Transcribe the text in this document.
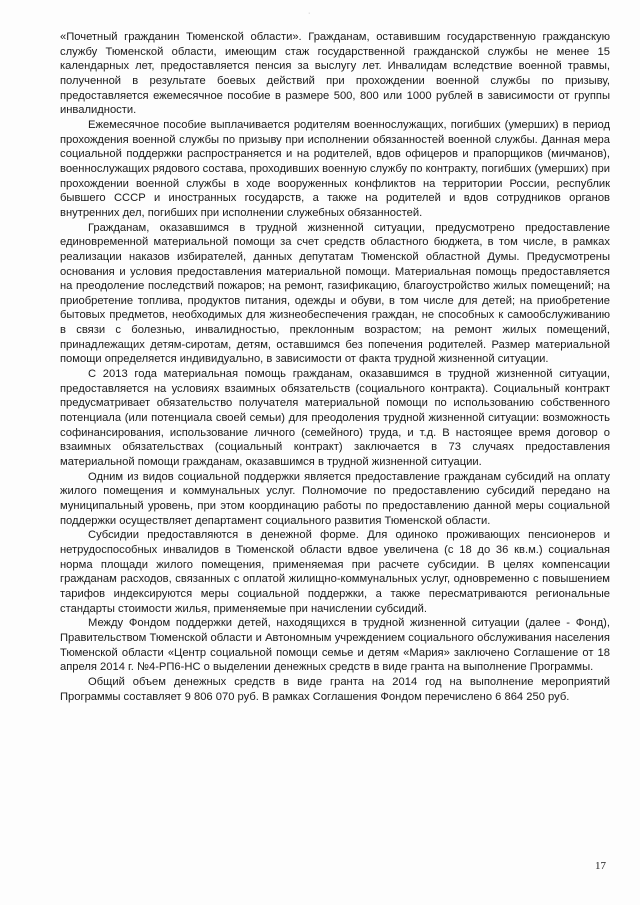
·

«Почетный гражданин Тюменской области». Гражданам, оставившим государственную гражданскую службу Тюменской области, имеющим стаж государственной гражданской службы не менее 15 календарных лет, предоставляется пенсия за выслугу лет. Инвалидам вследствие военной травмы, полученной в результате боевых действий при прохождении военной службы по призыву, предоставляется ежемесячное пособие в размере 500, 800 или 1000 рублей в зависимости от группы инвалидности.

Ежемесячное пособие выплачивается родителям военнослужащих, погибших (умерших) в период прохождения военной службы по призыву при исполнении обязанностей военной службы. Данная мера социальной поддержки распространяется и на родителей, вдов офицеров и прапорщиков (мичманов), военнослужащих рядового состава, проходивших военную службу по контракту, погибших (умерших) при прохождении военной службы в ходе вооруженных конфликтов на территории России, республик бывшего СССР и иностранных государств, а также на родителей и вдов сотрудников органов внутренних дел, погибших при исполнении служебных обязанностей.

Гражданам, оказавшимся в трудной жизненной ситуации, предусмотрено предоставление единовременной материальной помощи за счет средств областного бюджета, в том числе, в рамках реализации наказов избирателей, данных депутатам Тюменской областной Думы. Предусмотрены основания и условия предоставления материальной помощи. Материальная помощь предоставляется на преодоление последствий пожаров; на ремонт, газификацию, благоустройство жилых помещений; на приобретение топлива, продуктов питания, одежды и обуви, в том числе для детей; на приобретение бытовых предметов, необходимых для жизнеобеспечения граждан, не способных к самообслуживанию в связи с болезнью, инвалидностью, преклонным возрастом; на ремонт жилых помещений, принадлежащих детям-сиротам, детям, оставшимся без попечения родителей. Размер материальной помощи определяется индивидуально, в зависимости от факта трудной жизненной ситуации.

С 2013 года материальная помощь гражданам, оказавшимся в трудной жизненной ситуации, предоставляется на условиях взаимных обязательств (социального контракта). Социальный контракт предусматривает обязательство получателя материальной помощи по использованию собственного потенциала (или потенциала своей семьи) для преодоления трудной жизненной ситуации: возможность софинансирования, использование личного (семейного) труда, и т.д. В настоящее время договор о взаимных обязательствах (социальный контракт) заключается в 73 случаях предоставления материальной помощи гражданам, оказавшимся в трудной жизненной ситуации.

Одним из видов социальной поддержки является предоставление гражданам субсидий на оплату жилого помещения и коммунальных услуг. Полномочие по предоставлению субсидий передано на муниципальный уровень, при этом координацию работы по предоставлению данной меры социальной поддержки осуществляет департамент социального развития Тюменской области.

Субсидии предоставляются в денежной форме. Для одиноко проживающих пенсионеров и нетрудоспособных инвалидов в Тюменской области вдвое увеличена (с 18 до 36 кв.м.) социальная норма площади жилого помещения, применяемая при расчете субсидии. В целях компенсации гражданам расходов, связанных с оплатой жилищно-коммунальных услуг, одновременно с повышением тарифов индексируются меры социальной поддержки, а также пересматриваются региональные стандарты стоимости жилья, применяемые при начислении субсидий.

Между Фондом поддержки детей, находящихся в трудной жизненной ситуации (далее - Фонд), Правительством Тюменской области и Автономным учреждением социального обслуживания населения Тюменской области «Центр социальной помощи семье и детям «Мария» заключено Соглашение от 18 апреля 2014 г. №4-РП6-НС о выделении денежных средств в виде гранта на выполнение Программы.

Общий объем денежных средств в виде гранта на 2014 год на выполнение мероприятий Программы составляет 9 806 070 руб. В рамках Соглашения Фондом перечислено 6 864 250 руб.

17
